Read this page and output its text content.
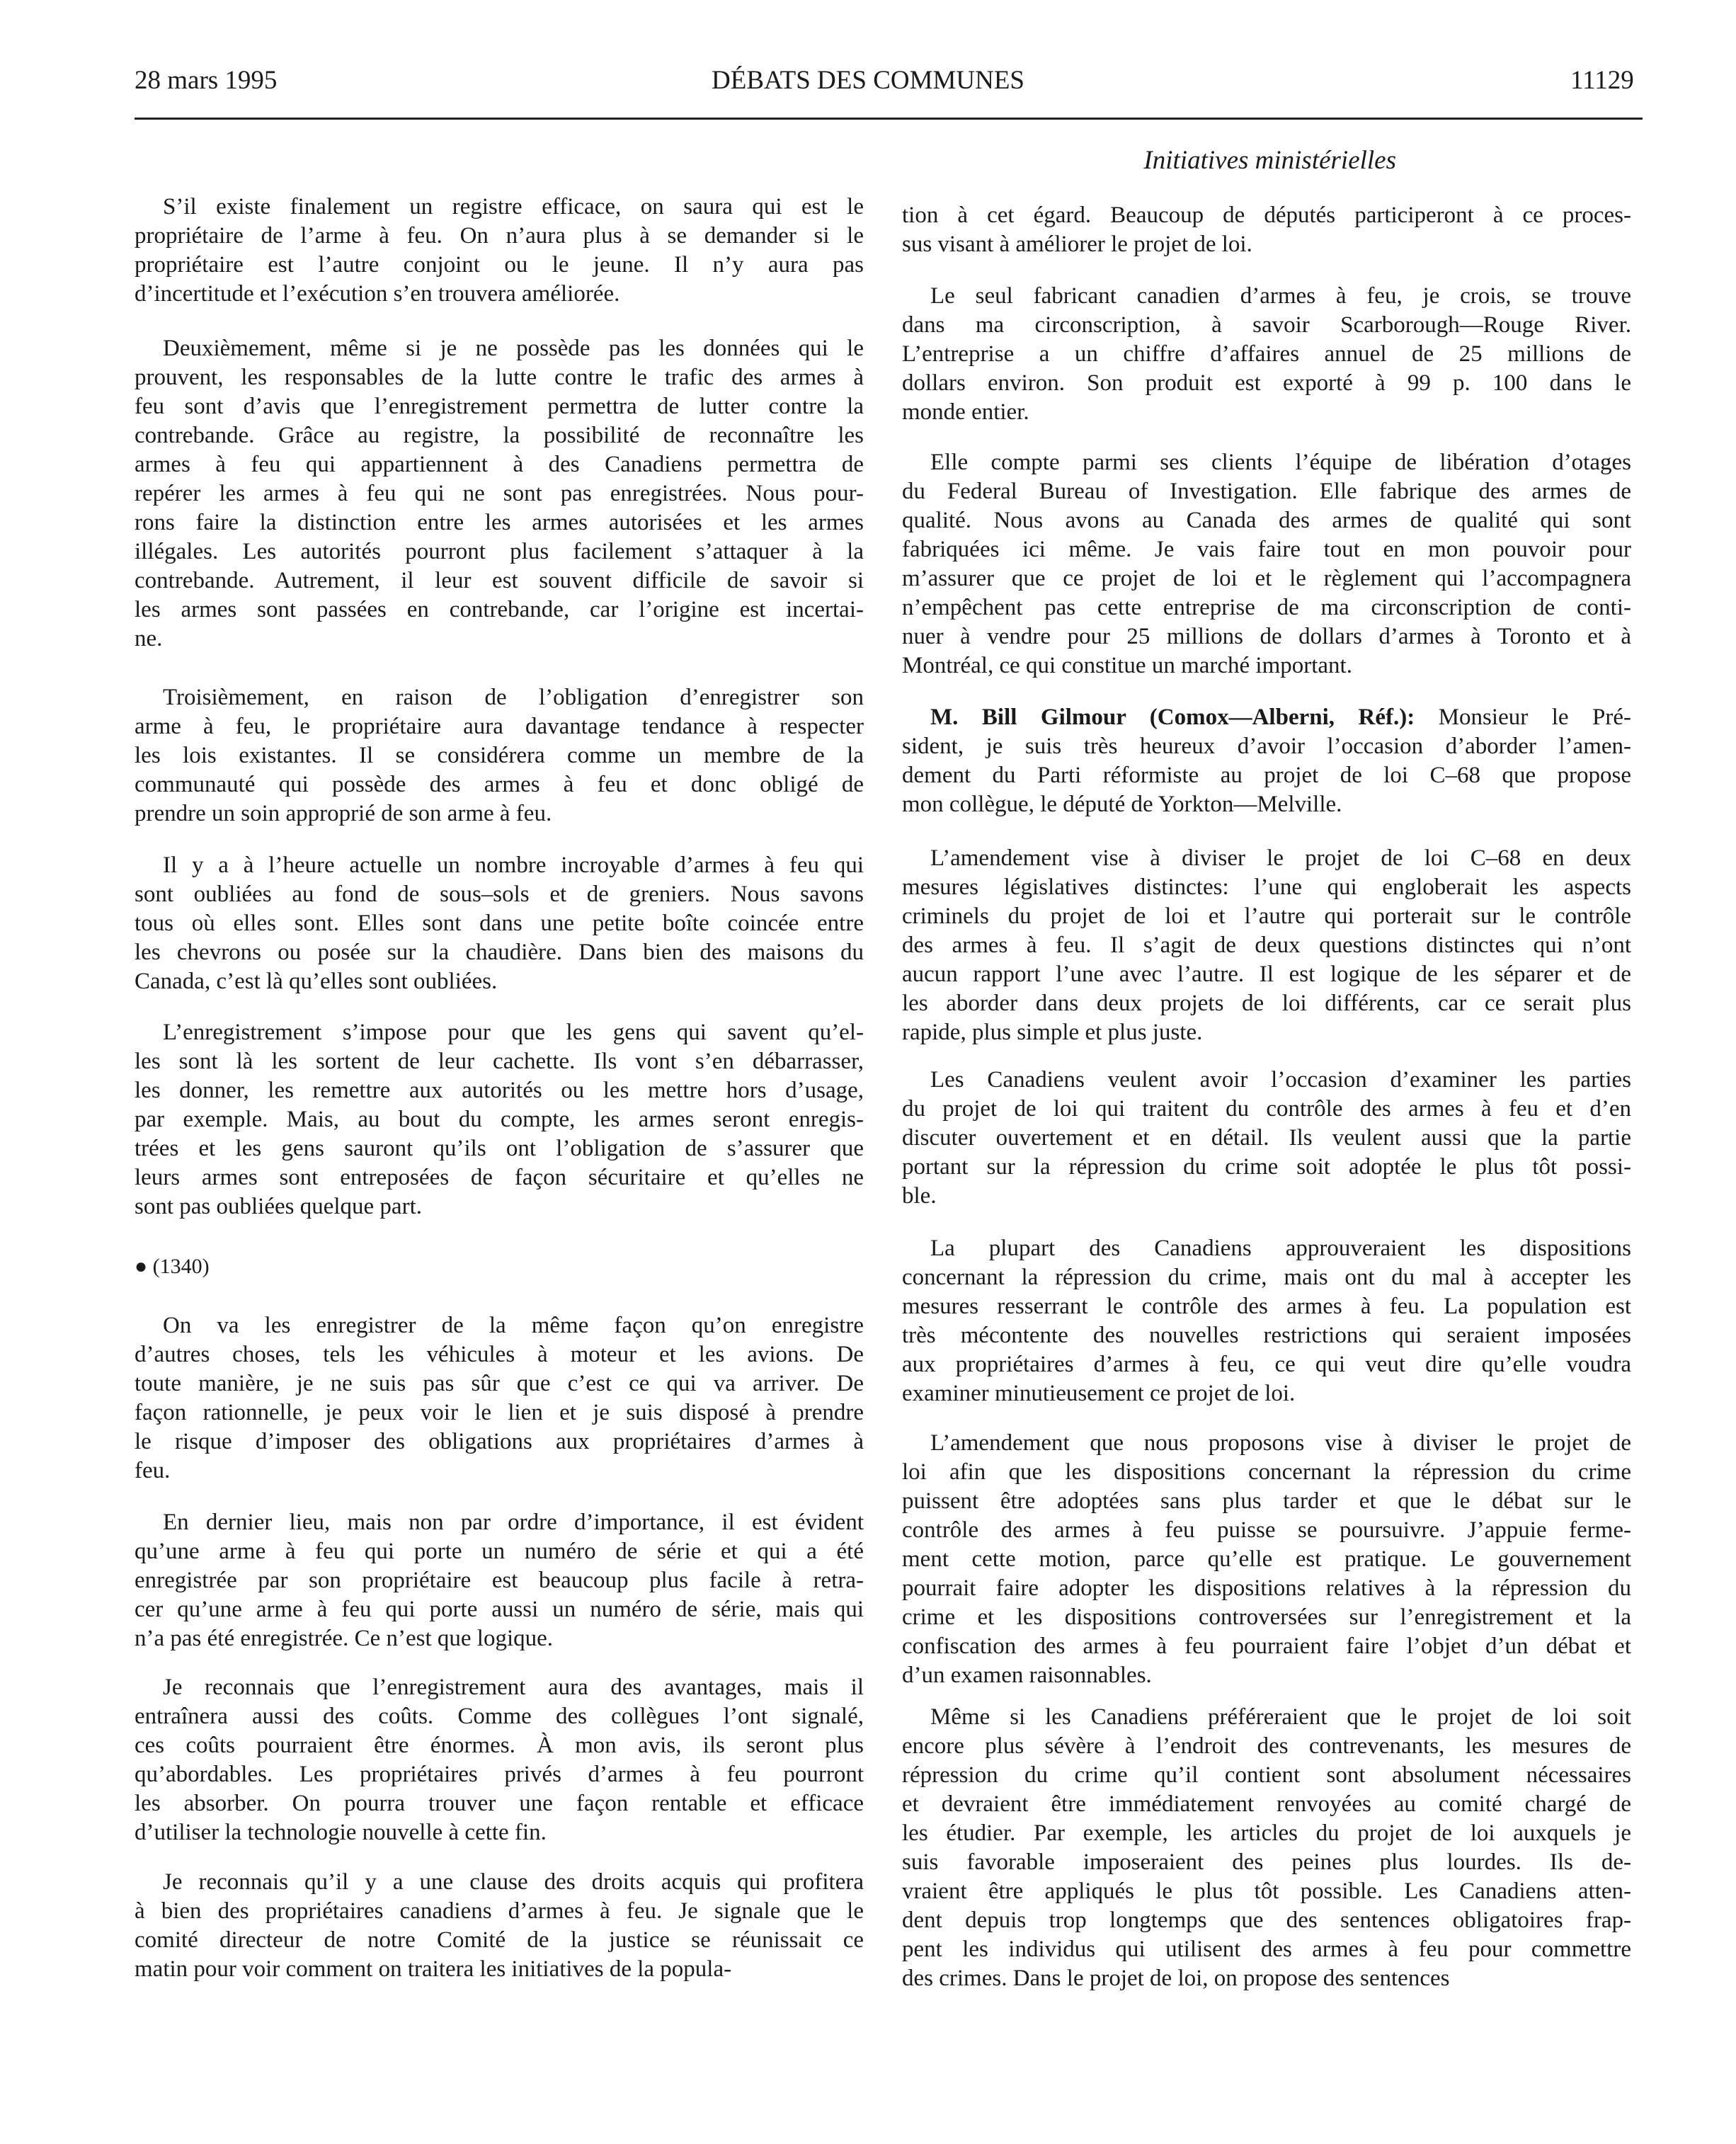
28 mars 1995	DÉBATS DES COMMUNES	11129
Initiatives ministérielles
S’il existe finalement un registre efficace, on saura qui est le
propriétaire de l’arme à feu. On n’aura plus à se demander si le
propriétaire est l’autre conjoint ou le jeune. Il n’y aura pas
d’incertitude et l’exécution s’en trouvera améliorée.
Deuxièmement, même si je ne possède pas les données qui le
prouvent, les responsables de la lutte contre le trafic des armes à
feu sont d’avis que l’enregistrement permettra de lutter contre la
contrebande. Grâce au registre, la possibilité de reconnaître les
armes à feu qui appartiennent à des Canadiens permettra de
repérer les armes à feu qui ne sont pas enregistrées. Nous pour-
rons faire la distinction entre les armes autorisées et les armes
illégales. Les autorités pourront plus facilement s’attaquer à la
contrebande. Autrement, il leur est souvent difficile de savoir si
les armes sont passées en contrebande, car l’origine est incertai-
ne.
Troisièmement, en raison de l’obligation d’enregistrer son
arme à feu, le propriétaire aura davantage tendance à respecter
les lois existantes. Il se considérera comme un membre de la
communauté qui possède des armes à feu et donc obligé de
prendre un soin approprié de son arme à feu.
Il y a à l’heure actuelle un nombre incroyable d’armes à feu qui
sont oubliées au fond de sous–sols et de greniers. Nous savons
tous où elles sont. Elles sont dans une petite boîte coincée entre
les chevrons ou posée sur la chaudière. Dans bien des maisons du
Canada, c’est là qu’elles sont oubliées.
L’enregistrement s’impose pour que les gens qui savent qu’el-
les sont là les sortent de leur cachette. Ils vont s’en débarrasser,
les donner, les remettre aux autorités ou les mettre hors d’usage,
par exemple. Mais, au bout du compte, les armes seront enregis-
trées et les gens sauront qu’ils ont l’obligation de s’assurer que
leurs armes sont entreposées de façon sécuritaire et qu’elles ne
sont pas oubliées quelque part.
● (1340)
On va les enregistrer de la même façon qu’on enregistre
d’autres choses, tels les véhicules à moteur et les avions. De
toute manière, je ne suis pas sûr que c’est ce qui va arriver. De
façon rationnelle, je peux voir le lien et je suis disposé à prendre
le risque d’imposer des obligations aux propriétaires d’armes à
feu.
En dernier lieu, mais non par ordre d’importance, il est évident
qu’une arme à feu qui porte un numéro de série et qui a été
enregistrée par son propriétaire est beaucoup plus facile à retra-
cer qu’une arme à feu qui porte aussi un numéro de série, mais qui
n’a pas été enregistrée. Ce n’est que logique.
Je reconnais que l’enregistrement aura des avantages, mais il
entraînera aussi des coûts. Comme des collègues l’ont signalé,
ces coûts pourraient être énormes. À mon avis, ils seront plus
qu’abordables. Les propriétaires privés d’armes à feu pourront
les absorber. On pourra trouver une façon rentable et efficace
d’utiliser la technologie nouvelle à cette fin.
Je reconnais qu’il y a une clause des droits acquis qui profitera
à bien des propriétaires canadiens d’armes à feu. Je signale que le
comité directeur de notre Comité de la justice se réunissait ce
matin pour voir comment on traitera les initiatives de la popula-
tion à cet égard. Beaucoup de députés participeront à ce proces-
sus visant à améliorer le projet de loi.
Le seul fabricant canadien d’armes à feu, je crois, se trouve
dans ma circonscription, à savoir Scarborough—Rouge River.
L’entreprise a un chiffre d’affaires annuel de 25 millions de
dollars environ. Son produit est exporté à 99 p. 100 dans le
monde entier.
Elle compte parmi ses clients l’équipe de libération d’otages
du Federal Bureau of Investigation. Elle fabrique des armes de
qualité. Nous avons au Canada des armes de qualité qui sont
fabriquées ici même. Je vais faire tout en mon pouvoir pour
m’assurer que ce projet de loi et le règlement qui l’accompagnera
n’empêchent pas cette entreprise de ma circonscription de conti-
nuer à vendre pour 25 millions de dollars d’armes à Toronto et à
Montréal, ce qui constitue un marché important.
M. Bill Gilmour (Comox—Alberni, Réf.): Monsieur le Pré-
sident, je suis très heureux d’avoir l’occasion d’aborder l’amen-
dement du Parti réformiste au projet de loi C–68 que propose
mon collègue, le député de Yorkton—Melville.
L’amendement vise à diviser le projet de loi C–68 en deux
mesures législatives distinctes: l’une qui engloberait les aspects
criminels du projet de loi et l’autre qui porterait sur le contrôle
des armes à feu. Il s’agit de deux questions distinctes qui n’ont
aucun rapport l’une avec l’autre. Il est logique de les séparer et de
les aborder dans deux projets de loi différents, car ce serait plus
rapide, plus simple et plus juste.
Les Canadiens veulent avoir l’occasion d’examiner les parties
du projet de loi qui traitent du contrôle des armes à feu et d’en
discuter ouvertement et en détail. Ils veulent aussi que la partie
portant sur la répression du crime soit adoptée le plus tôt possi-
ble.
La plupart des Canadiens approuveraient les dispositions
concernant la répression du crime, mais ont du mal à accepter les
mesures resserrant le contrôle des armes à feu. La population est
très mécontente des nouvelles restrictions qui seraient imposées
aux propriétaires d’armes à feu, ce qui veut dire qu’elle voudra
examiner minutieusement ce projet de loi.
L’amendement que nous proposons vise à diviser le projet de
loi afin que les dispositions concernant la répression du crime
puissent être adoptées sans plus tarder et que le débat sur le
contrôle des armes à feu puisse se poursuivre. J’appuie ferme-
ment cette motion, parce qu’elle est pratique. Le gouvernement
pourrait faire adopter les dispositions relatives à la répression du
crime et les dispositions controversées sur l’enregistrement et la
confiscation des armes à feu pourraient faire l’objet d’un débat et
d’un examen raisonnables.
Même si les Canadiens préféreraient que le projet de loi soit
encore plus sévère à l’endroit des contrevenants, les mesures de
répression du crime qu’il contient sont absolument nécessaires
et devraient être immédiatement renvoyées au comité chargé de
les étudier. Par exemple, les articles du projet de loi auxquels je
suis favorable imposeraient des peines plus lourdes. Ils de-
vraient être appliqués le plus tôt possible. Les Canadiens atten-
dent depuis trop longtemps que des sentences obligatoires frap-
pent les individus qui utilisent des armes à feu pour commettre
des crimes. Dans le projet de loi, on propose des sentences
